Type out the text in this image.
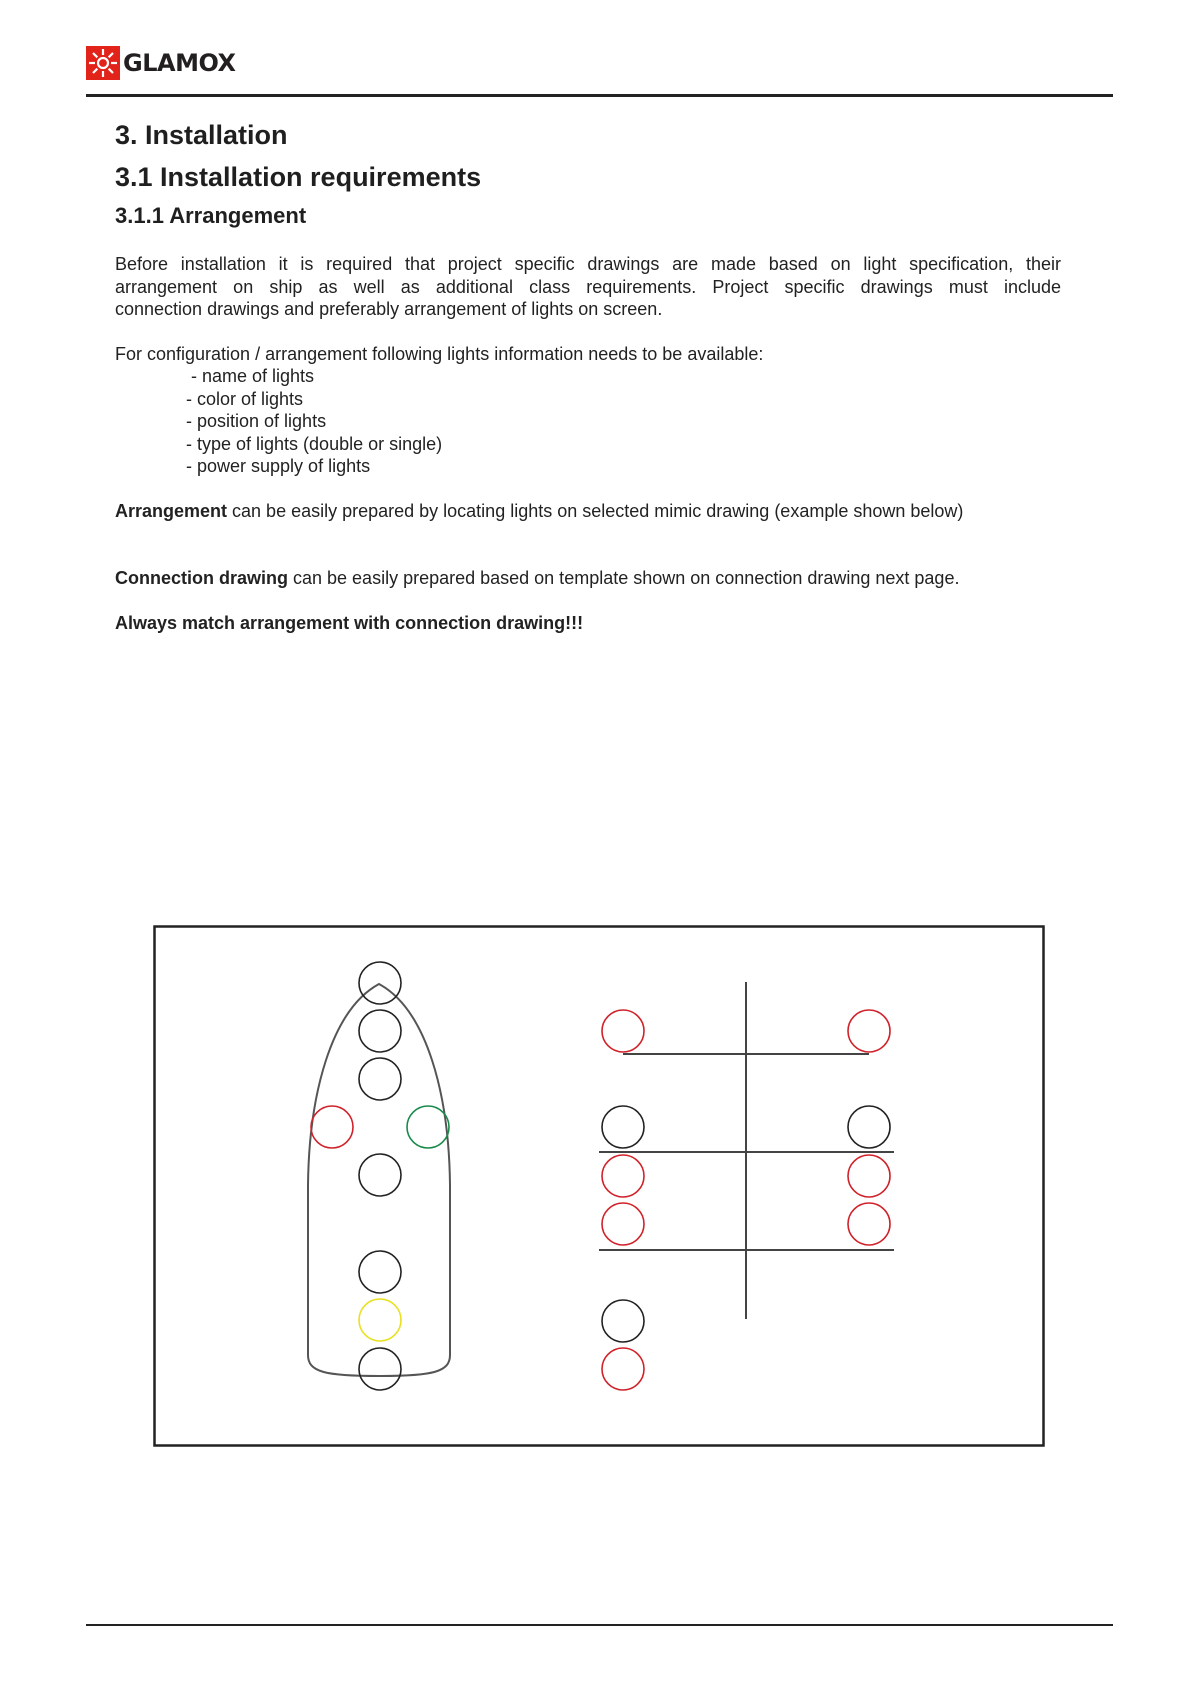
GLAMOX
3. Installation
3.1 Installation requirements
3.1.1 Arrangement

Before installation it is required that project specific drawings are made based on light specification, their
arrangement on ship as well as additional class requirements. Project specific drawings must include
connection drawings and preferably arrangement of lights on screen.

For configuration / arrangement following lights information needs to be available:

- name of lights
- color of lights
- position of lights
- type of lights (double or single)
- power supply of lights

Arrangement can be easily prepared by locating lights on selected mimic drawing (example shown below)

Connection drawing can be easily prepared based on template shown on connection drawing next page.

Always match arrangement with connection drawing!!!
